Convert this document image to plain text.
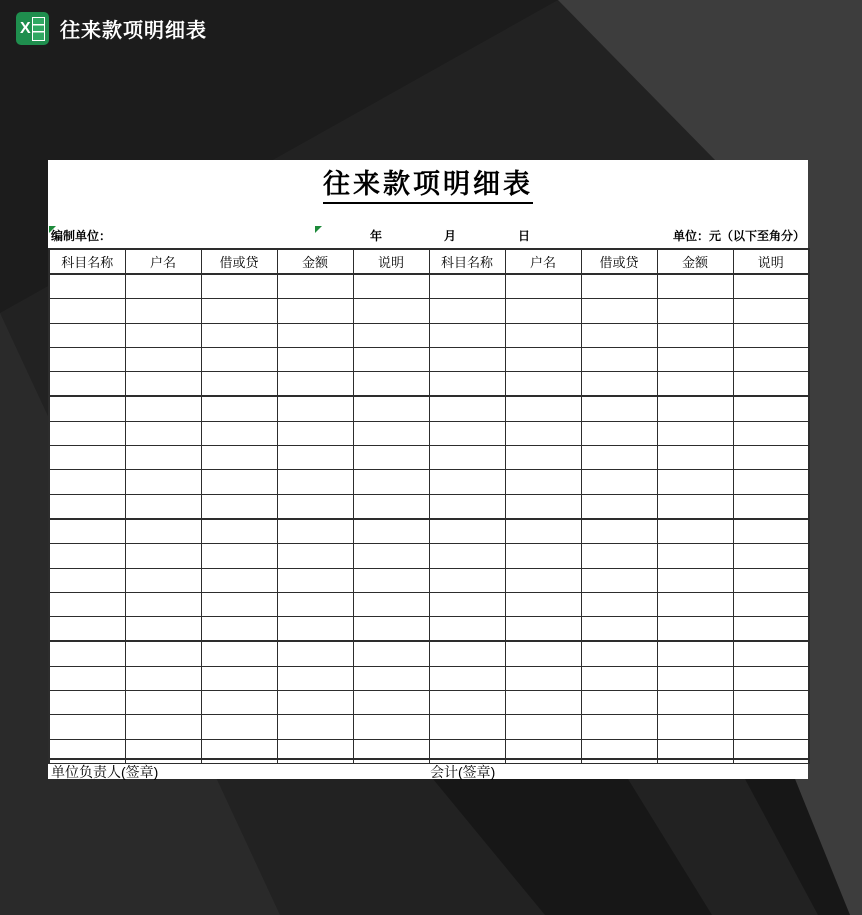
X 往来款项明细表
往来款项明细表
编制单位：	年	月	日	单位：元（以下至角分）
科目名称	户名	借或贷	金额	说明	科目名称	户名	借或贷	金额	说明

单位负责人(签章)	会计(签章)
